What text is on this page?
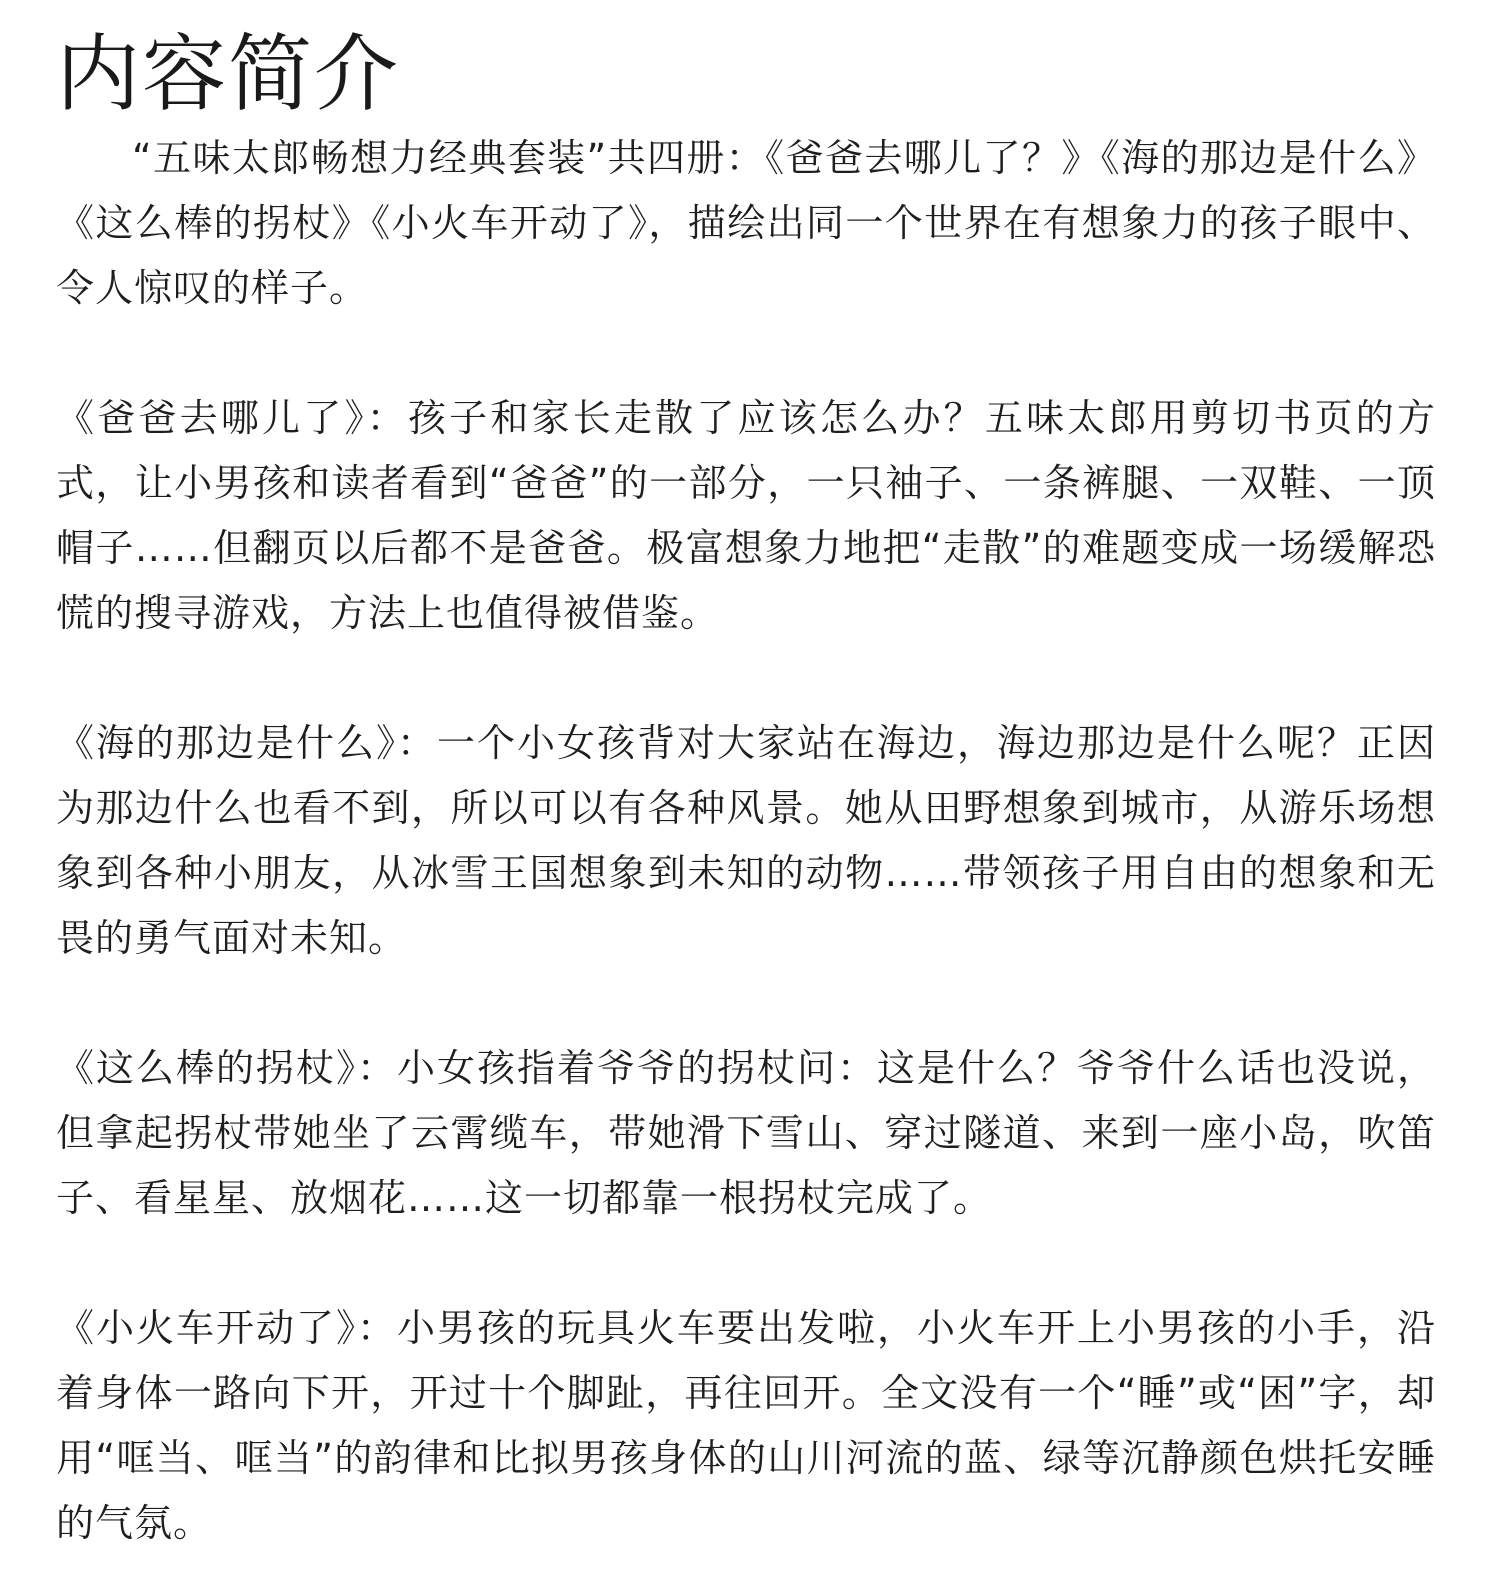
内容简介

“五味太郎畅想力经典套装”共四册：《爸爸去哪儿了？》《海的那边是什么》《这么棒的拐杖》《小火车开动了》，描绘出同一个世界在有想象力的孩子眼中、令人惊叹的样子。

《爸爸去哪儿了》：孩子和家长走散了应该怎么办？五味太郎用剪切书页的方式，让小男孩和读者看到“爸爸”的一部分，一只袖子、一条裤腿、一双鞋、一顶帽子……但翻页以后都不是爸爸。极富想象力地把“走散”的难题变成一场缓解恐慌的搜寻游戏，方法上也值得被借鉴。

《海的那边是什么》：一个小女孩背对大家站在海边，海边那边是什么呢？正因为那边什么也看不到，所以可以有各种风景。她从田野想象到城市，从游乐场想象到各种小朋友，从冰雪王国想象到未知的动物……带领孩子用自由的想象和无畏的勇气面对未知。

《这么棒的拐杖》：小女孩指着爷爷的拐杖问：这是什么？爷爷什么话也没说，但拿起拐杖带她坐了云霄缆车，带她滑下雪山、穿过隧道、来到一座小岛，吹笛子、看星星、放烟花……这一切都靠一根拐杖完成了。

《小火车开动了》：小男孩的玩具火车要出发啦，小火车开上小男孩的小手，沿着身体一路向下开，开过十个脚趾，再往回开。全文没有一个“睡”或“困”字，却用“哐当、哐当”的韵律和比拟男孩身体的山川河流的蓝、绿等沉静颜色烘托安睡的气氛。
